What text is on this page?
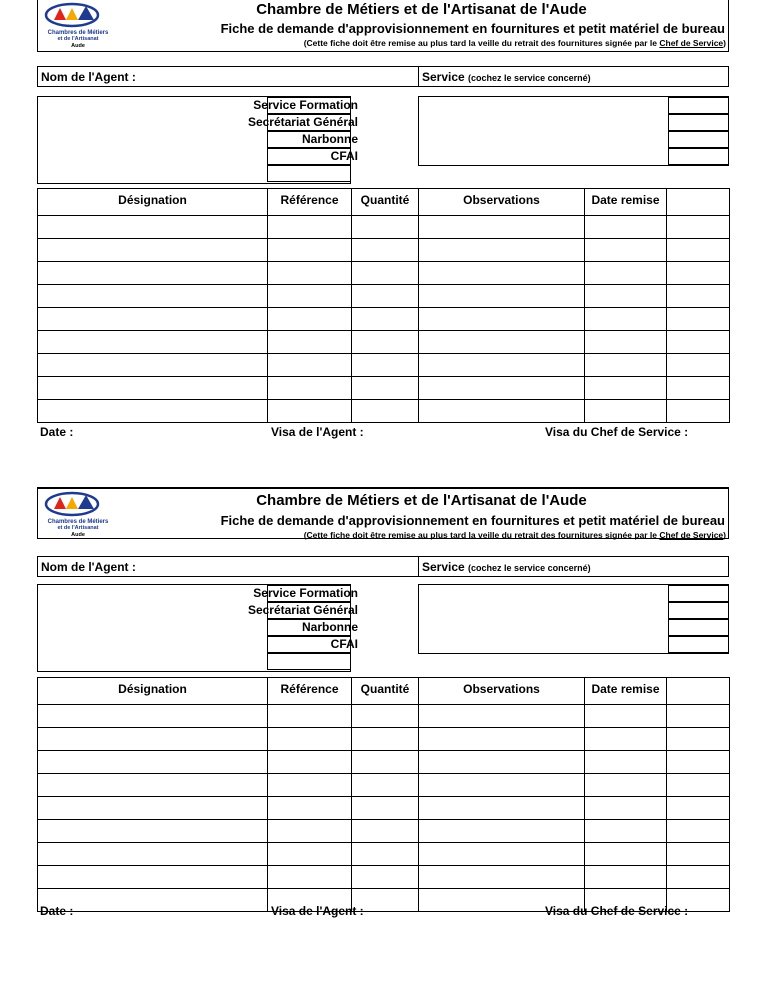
Chambres de Métiers
et de l'Artisanat
Aude
Chambre de Métiers et de l'Artisanat de l'Aude
Fiche de demande d'approvisionnement en fournitures et petit matériel de bureau
(Cette fiche doit être remise au plus tard la veille du retrait des fournitures signée par le Chef de Service)
Nom de l'Agent :	Service (cochez le service concerné)
Service Formation
Secrétariat Général
Narbonne
CFAI
Désignation	Référence	Quantité	Observations	Date remise	

Date :	Visa de l'Agent :	Visa du Chef de Service :
Chambres de Métiers
et de l'Artisanat
Aude
Chambre de Métiers et de l'Artisanat de l'Aude
Fiche de demande d'approvisionnement en fournitures et petit matériel de bureau
(Cette fiche doit être remise au plus tard la veille du retrait des fournitures signée par le Chef de Service)
Nom de l'Agent :	Service (cochez le service concerné)
Service Formation
Secrétariat Général
Narbonne
CFAI
Désignation	Référence	Quantité	Observations	Date remise	

Date :	Visa de l'Agent :	Visa du Chef de Service :
